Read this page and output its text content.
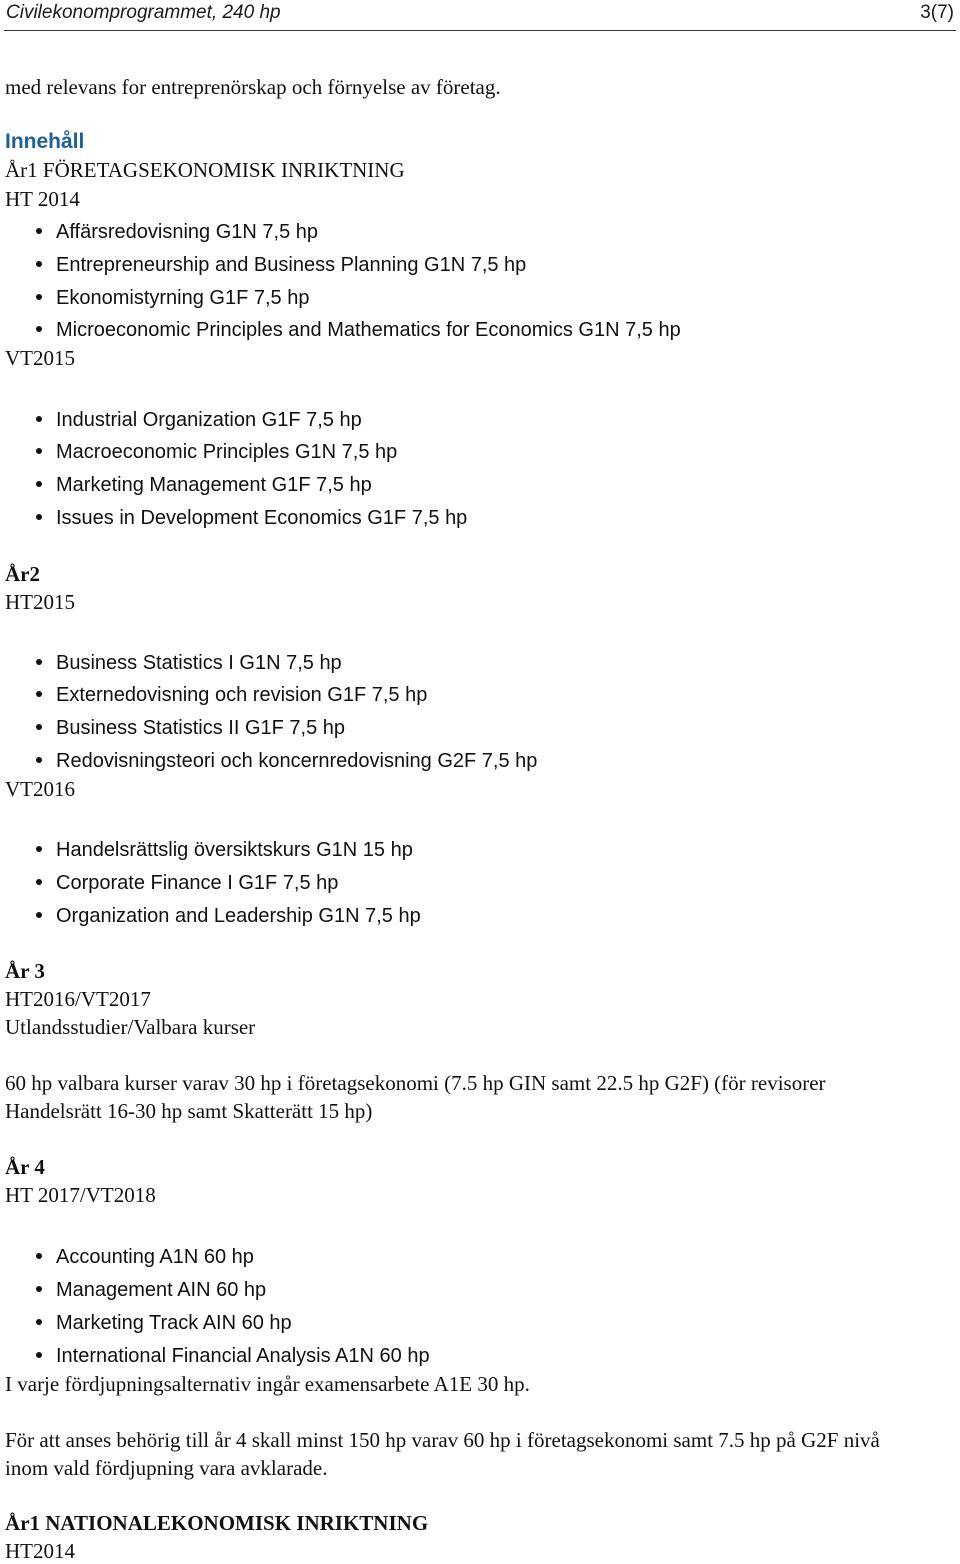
Civilekonomprogrammet, 240 hp	3(7)
med relevans for entreprenörskap och förnyelse av företag.
Innehåll
År1 FÖRETAGSEKONOMISK INRIKTNING
HT 2014
Affärsredovisning G1N 7,5 hp
Entrepreneurship and Business Planning G1N 7,5 hp
Ekonomistyrning G1F 7,5 hp
Microeconomic Principles and Mathematics for Economics G1N 7,5 hp
VT2015
Industrial Organization G1F 7,5 hp
Macroeconomic Principles G1N 7,5 hp
Marketing Management G1F 7,5 hp
Issues in Development Economics G1F 7,5 hp
År2
HT2015
Business Statistics I G1N 7,5 hp
Externedovisning och revision G1F 7,5 hp
Business Statistics II G1F 7,5 hp
Redovisningsteori och koncernredovisning G2F 7,5 hp
VT2016
Handelsrättslig översiktskurs G1N 15 hp
Corporate Finance I G1F 7,5 hp
Organization and Leadership G1N 7,5 hp
År 3
HT2016/VT2017
Utlandsstudier/Valbara kurser
60 hp valbara kurser varav 30 hp i företagsekonomi (7.5 hp GIN samt 22.5 hp G2F) (för revisorer
Handelsrätt 16-30 hp samt Skatterätt 15 hp)
År 4
HT 2017/VT2018
Accounting A1N 60 hp
Management AIN 60 hp
Marketing Track AIN 60 hp
International Financial Analysis A1N 60 hp
I varje fördjupningsalternativ ingår examensarbete A1E 30 hp.
För att anses behörig till år 4 skall minst 150 hp varav 60 hp i företagsekonomi samt 7.5 hp på G2F nivå
inom vald fördjupning vara avklarade.
År1 NATIONALEKONOMISK INRIKTNING
HT2014
